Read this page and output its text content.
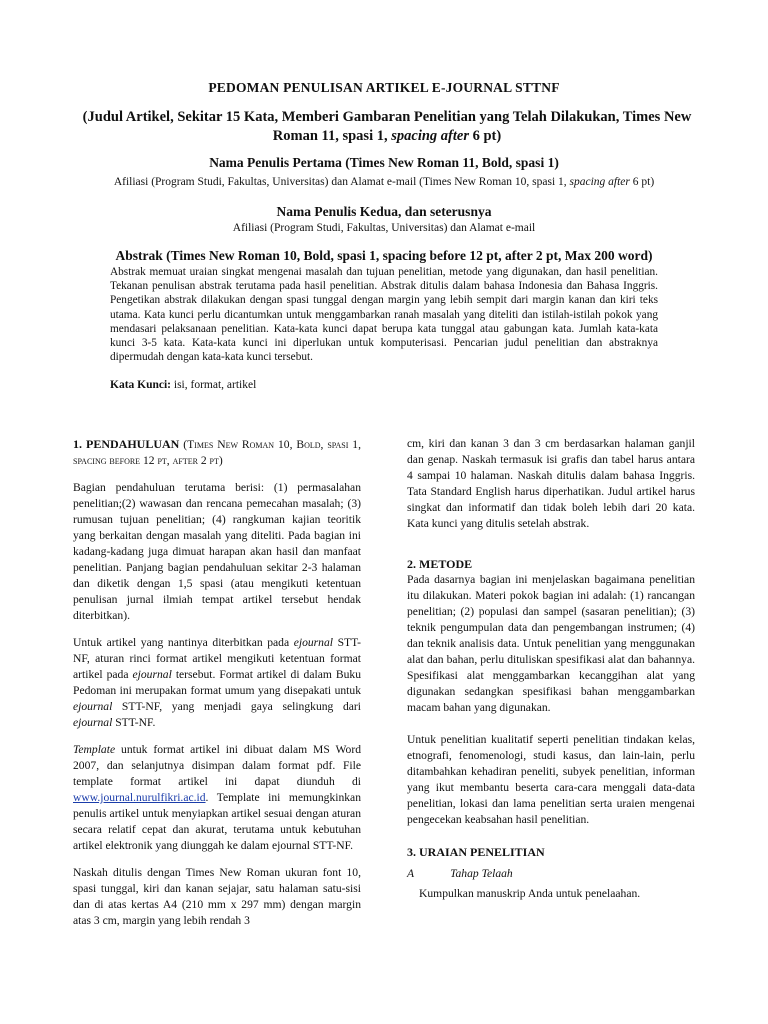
PEDOMAN PENULISAN ARTIKEL E-JOURNAL STTNF
(Judul Artikel, Sekitar 15 Kata, Memberi Gambaran Penelitian yang Telah Dilakukan, Times New Roman 11, spasi 1, spacing after 6 pt)
Nama Penulis Pertama (Times New Roman 11, Bold, spasi 1)
Afiliasi (Program Studi, Fakultas, Universitas) dan Alamat e-mail (Times New Roman 10, spasi 1, spacing after 6 pt)
Nama Penulis Kedua, dan seterusnya
Afiliasi (Program Studi, Fakultas, Universitas) dan Alamat e-mail
Abstrak (Times New Roman 10, Bold, spasi 1, spacing before 12 pt, after 2 pt, Max 200 word)
Abstrak memuat uraian singkat mengenai masalah dan tujuan penelitian, metode yang digunakan, dan hasil penelitian. Tekanan penulisan abstrak terutama pada hasil penelitian. Abstrak ditulis dalam bahasa Indonesia dan Bahasa Inggris. Pengetikan abstrak dilakukan dengan spasi tunggal dengan margin yang lebih sempit dari margin kanan dan kiri teks utama. Kata kunci perlu dicantumkan untuk menggambarkan ranah masalah yang diteliti dan istilah-istilah pokok yang mendasari pelaksanaan penelitian. Kata-kata kunci dapat berupa kata tunggal atau gabungan kata. Jumlah kata-kata kunci 3-5 kata. Kata-kata kunci ini diperlukan untuk komputerisasi. Pencarian judul penelitian dan abstraknya dipermudah dengan kata-kata kunci tersebut.
Kata Kunci: isi, format, artikel

1. PENDAHULUAN (Times New Roman 10, Bold, spasi 1, spacing before 12 pt, after 2 pt)

Bagian pendahuluan terutama berisi: (1) permasalahan penelitian;(2) wawasan dan rencana pemecahan masalah; (3) rumusan tujuan penelitian; (4) rangkuman kajian teoritik yang berkaitan dengan masalah yang diteliti. Pada bagian ini kadang-kadang juga dimuat harapan akan hasil dan manfaat penelitian. Panjang bagian pendahuluan sekitar 2-3 halaman dan diketik dengan 1,5 spasi (atau mengikuti ketentuan penulisan jurnal ilmiah tempat artikel tersebut hendak diterbitkan).

Untuk artikel yang nantinya diterbitkan pada ejournal STT-NF, aturan rinci format artikel mengikuti ketentuan format artikel pada ejournal tersebut. Format artikel di dalam Buku Pedoman ini merupakan format umum yang disepakati untuk ejournal STT-NF, yang menjadi gaya selingkung dari ejournal STT-NF.

Template untuk format artikel ini dibuat dalam MS Word 2007, dan selanjutnya disimpan dalam format pdf. File template format artikel ini dapat diunduh di www.journal.nurulfikri.ac.id. Template ini memungkinkan penulis artikel untuk menyiapkan artikel sesuai dengan aturan secara relatif cepat dan akurat, terutama untuk kebutuhan artikel elektronik yang diunggah ke dalam ejournal STT-NF.

Naskah ditulis dengan Times New Roman ukuran font 10, spasi tunggal, kiri dan kanan sejajar, satu halaman satu-sisi dan di atas kertas A4 (210 mm x 297 mm) dengan margin atas 3 cm, margin yang lebih rendah 3

cm, kiri dan kanan 3 dan 3 cm berdasarkan halaman ganjil dan genap. Naskah termasuk isi grafis dan tabel harus antara 4 sampai 10 halaman. Naskah ditulis dalam bahasa Inggris. Tata Standard English harus diperhatikan. Judul artikel harus singkat dan informatif dan tidak boleh lebih dari 20 kata. Kata kunci yang ditulis setelah abstrak.

2. METODE

Pada dasarnya bagian ini menjelaskan bagaimana penelitian itu dilakukan. Materi pokok bagian ini adalah: (1) rancangan penelitian; (2) populasi dan sampel (sasaran penelitian); (3) teknik pengumpulan data dan pengembangan instrumen; (4) dan teknik analisis data. Untuk penelitian yang menggunakan alat dan bahan, perlu dituliskan spesifikasi alat dan bahannya. Spesifikasi alat menggambarkan kecanggihan alat yang digunakan sedangkan spesifikasi bahan menggambarkan macam bahan yang digunakan.

Untuk penelitian kualitatif seperti penelitian tindakan kelas, etnografi, fenomenologi, studi kasus, dan lain-lain, perlu ditambahkan kehadiran peneliti, subyek penelitian, informan yang ikut membantu beserta cara-cara menggali data-data penelitian, lokasi dan lama penelitian serta uraien mengenai pengecekan keabsahan hasil penelitian.

3. URAIAN PENELITIAN
A	Tahap Telaah

Kumpulkan manuskrip Anda untuk penelaahan.
